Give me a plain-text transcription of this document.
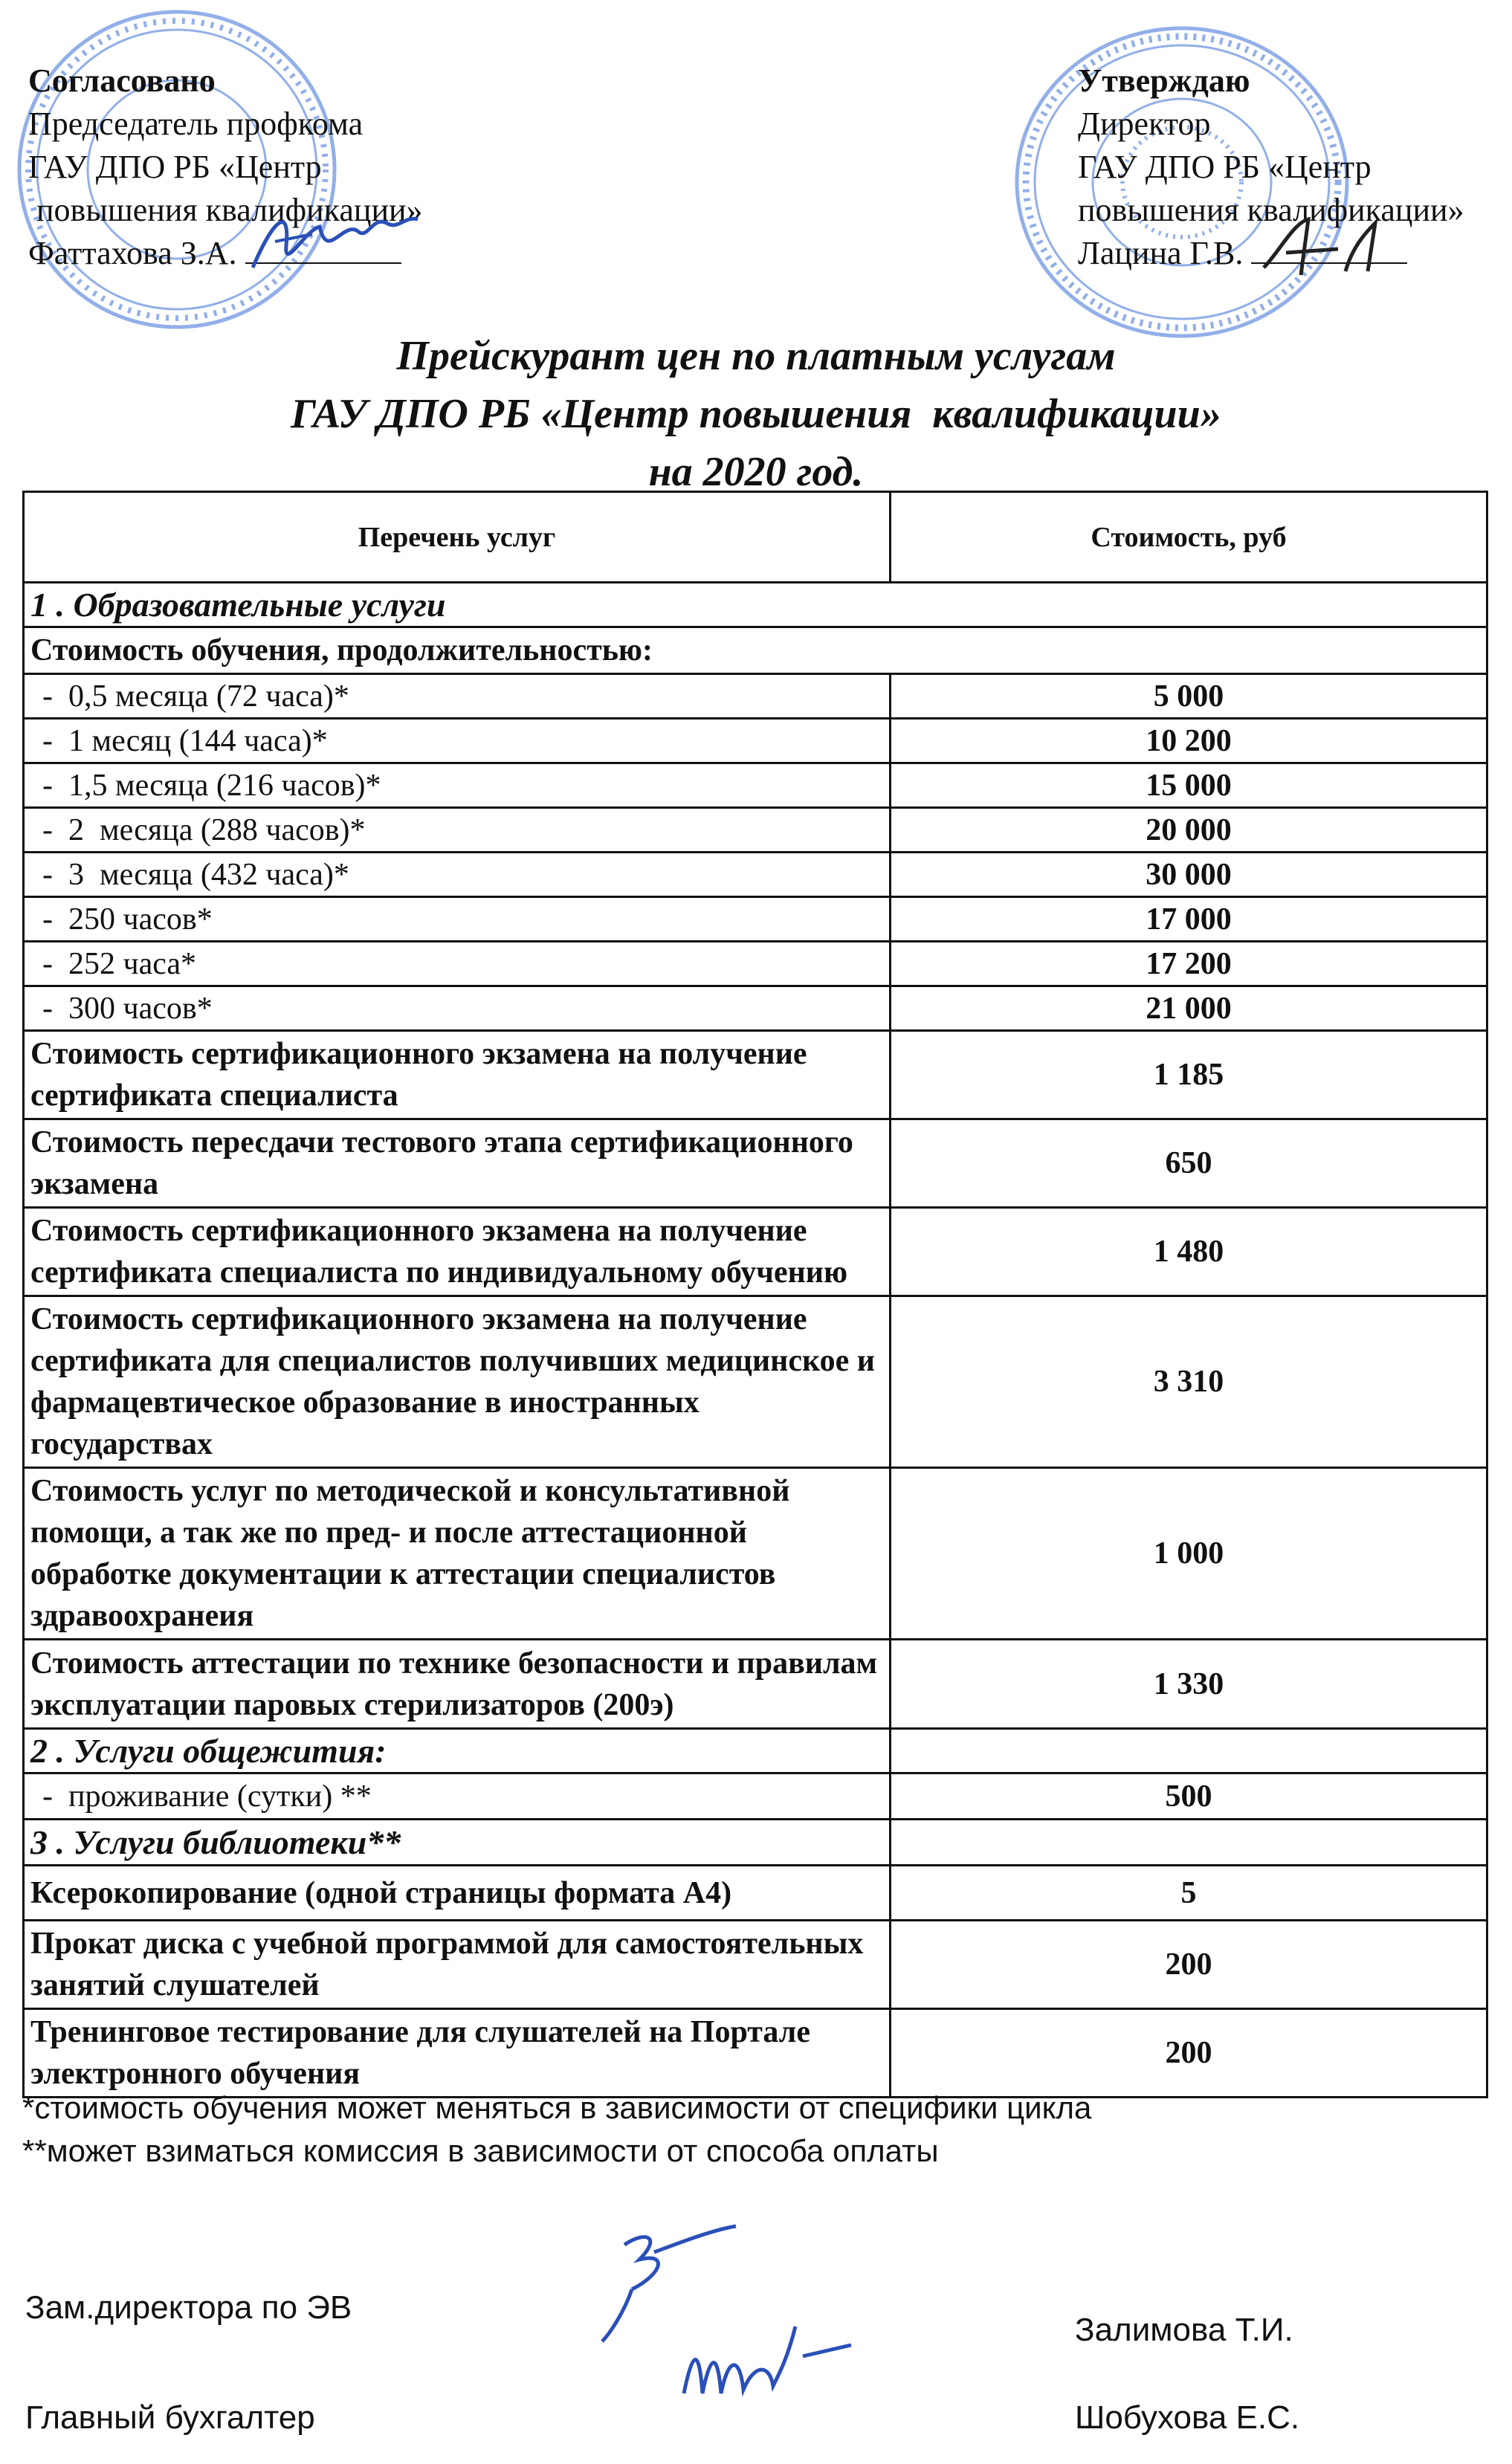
Согласовано
Председатель профкома
ГАУ ДПО РБ «Центр
повышения квалификации»
Фаттахова З.А.
Утверждаю
Директор
ГАУ ДПО РБ «Центр
повышения квалификации»
Лацина Г.В.
Прейскурант цен по платным услугам
ГАУ ДПО РБ «Центр повышения  квалификации»
на 2020 год.
Перечень услуг	Стоимость, руб
1 . Образовательные услуги	
Стоимость обучения, продолжительностью:	
-  0,5 месяца (72 часа)*	5 000
-  1 месяц (144 часа)*	10 200
-  1,5 месяца (216 часов)*	15 000
-  2  месяца (288 часов)*	20 000
-  3  месяца (432 часа)*	30 000
-  250 часов*	17 000
-  252 часа*	17 200
-  300 часов*	21 000
Стоимость сертификационного экзамена на получение сертификата специалиста	1 185
Стоимость пересдачи тестового этапа сертификационного экзамена	650
Стоимость сертификационного экзамена на получение сертификата специалиста по индивидуальному обучению	1 480
Стоимость сертификационного экзамена на получение сертификата для специалистов получивших медицинское и фармацевтическое образование в иностранных государствах	3 310
Стоимость услуг по методической и консультативной помощи, а так же по пред- и после аттестационной обработке документации к аттестации специалистов здравоохранеия	1 000
Стоимость аттестации по технике безопасности и правилам эксплуатации паровых стерилизаторов (200э)	1 330
2 . Услуги общежития:	
-  проживание (сутки) **	500
3 . Услуги библиотеки**	
Ксерокопирование (одной страницы формата А4)	5
Прокат диска с учебной программой для самостоятельных занятий слушателей	200
Тренинговое тестирование для слушателей на Портале электронного обучения	200
*стоимость обучения может меняться в зависимости от специфики цикла
**может взиматься комиссия в зависимости от способа оплаты
Зам.директора по ЭВ
Залимова Т.И.
Главный бухгалтер	Шобухова Е.С.
